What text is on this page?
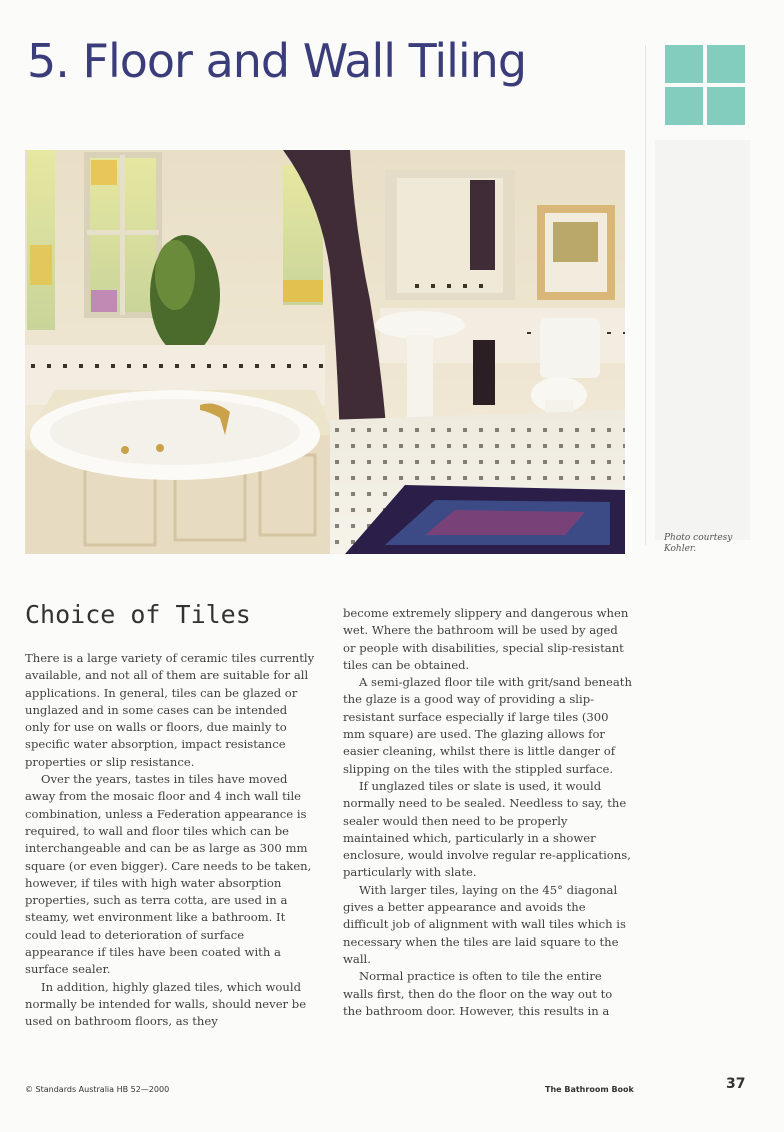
5. Floor and Wall Tiling
Photo courtesy
Kohler.
Choice of Tiles

There is a large variety of ceramic tiles currently available, and not all of them are suitable for all applications. In general, tiles can be glazed or unglazed and in some cases can be intended only for use on walls or floors, due mainly to specific water absorption, impact resistance properties or slip resistance.

Over the years, tastes in tiles have moved away from the mosaic floor and 4 inch wall tile combination, unless a Federation appearance is required, to wall and floor tiles which can be interchangeable and can be as large as 300 mm square (or even bigger). Care needs to be taken, however, if tiles with high water absorption properties, such as terra cotta, are used in a steamy, wet environment like a bathroom. It could lead to deterioration of surface appearance if tiles have been coated with a surface sealer.

In addition, highly glazed tiles, which would normally be intended for walls, should never be used on bathroom floors, as they

become extremely slippery and dangerous when wet. Where the bathroom will be used by aged or people with disabilities, special slip-resistant tiles can be obtained.

A semi-glazed floor tile with grit/sand beneath the glaze is a good way of providing a slip-resistant surface especially if large tiles (300 mm square) are used. The glazing allows for easier cleaning, whilst there is little danger of slipping on the tiles with the stippled surface.

If unglazed tiles or slate is used, it would normally need to be sealed. Needless to say, the sealer would then need to be properly maintained which, particularly in a shower enclosure, would involve regular re-applications, particularly with slate.

With larger tiles, laying on the 45° diagonal gives a better appearance and avoids the difficult job of alignment with wall tiles which is necessary when the tiles are laid square to the wall.

Normal practice is often to tile the entire walls first, then do the floor on the way out to the bathroom door. However, this results in a

© Standards Australia HB 52—2000	The Bathroom Book	37
